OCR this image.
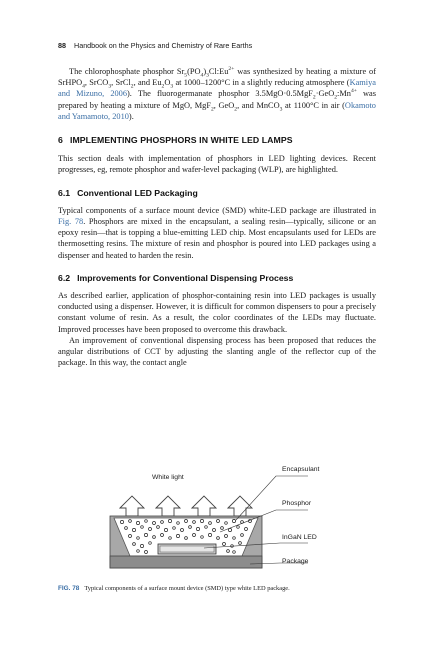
88 Handbook on the Physics and Chemistry of Rare Earths

The chlorophosphate phosphor $Sr_5(PO_4)_3Cl:Eu^{2+}$ was synthesized by heating a mixture of SrHPO$_4$, SrCO$_3$, SrCl$_2$, and $Eu_2O_3$ at 1000–1200°C in a slightly reducing atmosphere (Kamiya and Mizuno, 2006). The fluorogermanate phosphor $3.5MgO\cdot 0.5MgF_2\cdot GeO_2:Mn^{4+}$ was prepared by heating a mixture of MgO, MgF$_2$, GeO$_2$, and MnCO$_3$ at 1100°C in air (Okamoto and Yamamoto, 2010).

6 IMPLEMENTING PHOSPHORS IN WHITE LED LAMPS

This section deals with implementation of phosphors in LED lighting devices. Recent progresses, eg, remote phosphor and wafer-level packaging (WLP), are highlighted.

6.1 Conventional LED Packaging

Typical components of a surface mount device (SMD) white-LED package are illustrated in Fig. 78. Phosphors are mixed in the encapsulant, a sealing resin—typically, silicone or an epoxy resin—that is topping a blue-emitting LED chip. Most encapsulants used for LEDs are thermosetting resins. The mixture of resin and phosphor is poured into LED packages using a dispenser and heated to harden the resin.

6.2 Improvements for Conventional Dispensing Process

As described earlier, application of phosphor-containing resin into LED packages is usually conducted using a dispenser. However, it is difficult for common dispensers to pour a precisely constant volume of resin. As a result, the color coordinates of the LEDs may fluctuate. Improved processes have been proposed to overcome this drawback.

An improvement of conventional dispensing process has been proposed that reduces the angular distributions of CCT by adjusting the slanting angle of the reflector cup of the package. In this way, the contact angle

White light
Encapsulant
Phosphor
InGaN LED
Package
FIG. 78 Typical components of a surface mount device (SMD) type white LED package.
